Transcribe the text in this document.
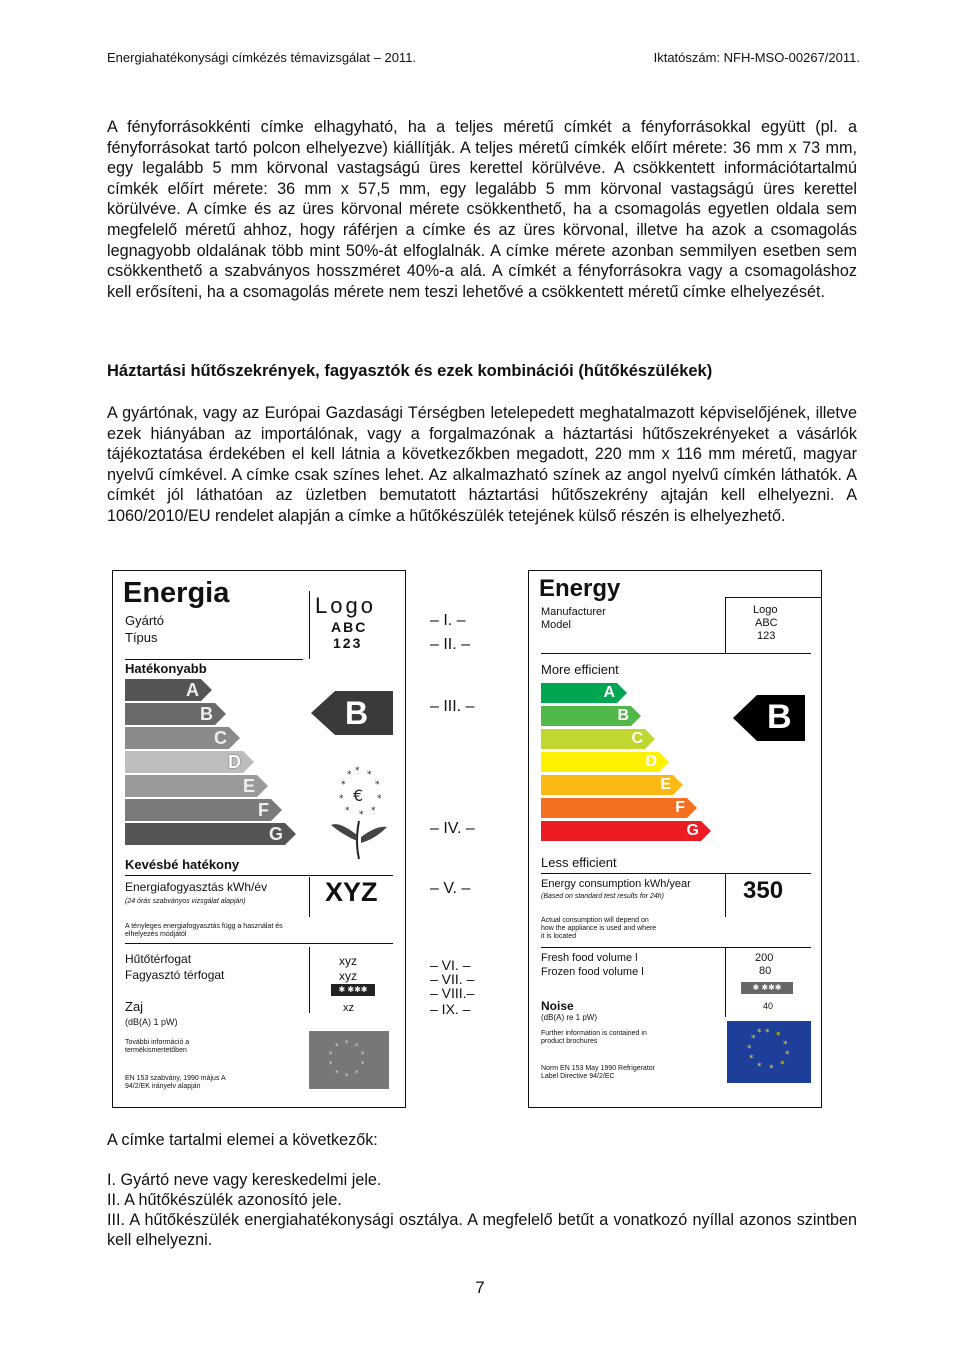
Energiahatékonysági címkézés témavizsgálat – 2011.	Iktatószám: NFH-MSO-00267/2011.
A fényforrásokkénti címke elhagyható, ha a teljes méretű címkét a fényforrásokkal együtt (pl. a fényforrásokat tartó polcon elhelyezve) kiállítják. A teljes méretű címkék előírt mérete: 36 mm x 73 mm, egy legalább 5 mm körvonal vastagságú üres kerettel körülvéve. A csökkentett információtartalmú címkék előírt mérete: 36 mm x 57,5 mm, egy legalább 5 mm körvonal vastagságú üres kerettel körülvéve. A címke és az üres körvonal mérete csökkenthető, ha a csomagolás egyetlen oldala sem megfelelő méretű ahhoz, hogy ráférjen a címke és az üres körvonal, illetve ha azok a csomagolás legnagyobb oldalának több mint 50%-át elfoglalnák. A címke mérete azonban semmilyen esetben sem csökkenthető a szabványos hosszméret 40%-a alá. A címkét a fényforrásokra vagy a csomagoláshoz kell erősíteni, ha a csomagolás mérete nem teszi lehetővé a csökkentett méretű címke elhelyezését.
Háztartási hűtőszekrények, fagyasztók és ezek kombinációi (hűtőkészülékek)
A gyártónak, vagy az Európai Gazdasági Térségben letelepedett meghatalmazott képviselőjének, illetve ezek hiányában az importálónak, vagy a forgalmazónak a háztartási hűtőszekrényeket a vásárlók tájékoztatása érdekében el kell látnia a következőkben megadott, 220 mm x 116 mm méretű, magyar nyelvű címkével. A címke csak színes lehet. Az alkalmazható színek az angol nyelvű címkén láthatók. A címkét jól láthatóan az üzletben bemutatott háztartási hűtőszekrény ajtaján kell elhelyezni. A 1060/2010/EU rendelet alapján a címke a hűtőkészülék tetejének külső részén is elhelyezhető.
Energia
Gyártó
Típus
Logo
ABC
123
Hatékonyabb
A
B
C
D
E
F
G
B
* *
*
*
*
*
*
*
*
*
€
Kevésbé hatékony
Energiafogyasztás kWh/év
(24 órás szabványos vizsgálat alapján)	XYZ
A tényleges energiafogyasztás függ a használat és elhelyezés módjától
Hűtőtérfogat
Fagyasztó térfogat
xyz
xyz
✱ ✱✱✱
Zaj
(dB(A) 1 pW)
xz
További információ a termékismertetőben
EN 153 szabvány, 1990 május A 94/2/EK irányelv alapján
* *
*
*
*
*
*
*
*
*
– I. –
– II. –
– III. –
– IV. –
– V. –
– VI. –
– VII. –
– VIII.–
– IX. –
Energy
Manufacturer
Model
Logo
ABC
123
More efficient
A
B
C
D
E
F
G
B
Less efficient
Energy consumption kWh/year
(Based on standard test results for 24h)	350
Actual consumption will depend on how the appliance is used and where it is located
Fresh food volume l
Frozen food volume l
200
80
✱ ✱✱✱
Noise
(dB(A) re 1 pW)
40
Further information is contained in product brochures
Norm EN 153 May 1990 Refrigerator Label Directive 94/2/EC
* *
*
*
*
*
*
*
*
*
*
A címke tartalmi elemei a következők:
I. Gyártó neve vagy kereskedelmi jele.
II. A hűtőkészülék azonosító jele.
III. A hűtőkészülék energiahatékonysági osztálya. A megfelelő betűt a vonatkozó nyíllal azonos szintben kell elhelyezni.
7
